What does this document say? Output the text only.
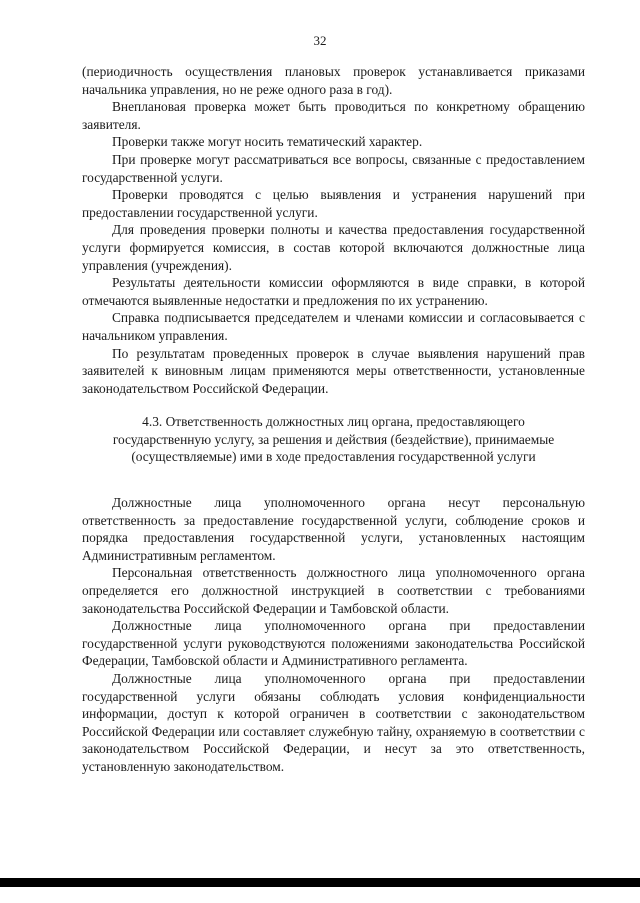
32

(периодичность осуществления плановых проверок устанавливается приказами начальника управления, но не реже одного раза в год).

Внеплановая проверка может быть проводиться по конкретному обращению заявителя.

Проверки также могут носить тематический характер.

При проверке могут рассматриваться все вопросы, связанные с предоставлением государственной услуги.

Проверки проводятся с целью выявления и устранения нарушений при предоставлении государственной услуги.

Для проведения проверки полноты и качества предоставления государственной услуги формируется комиссия, в состав которой включаются должностные лица управления (учреждения).

Результаты деятельности комиссии оформляются в виде справки, в которой отмечаются выявленные недостатки и предложения по их устранению.

Справка подписывается председателем и членами комиссии и согласовывается с начальником управления.

По результатам проведенных проверок в случае выявления нарушений прав заявителей к виновным лицам применяются меры ответственности, установленные законодательством Российской Федерации.

4.3. Ответственность должностных лиц органа, предоставляющего
государственную услугу, за решения и действия (бездействие), принимаемые
(осуществляемые) ими в ходе предоставления государственной услуги

Должностные лица уполномоченного органа несут персональную ответственность за предоставление государственной услуги, соблюдение сроков и порядка предоставления государственной услуги, установленных настоящим Административным регламентом.

Персональная ответственность должностного лица уполномоченного органа определяется его должностной инструкцией в соответствии с требованиями законодательства Российской Федерации и Тамбовской области.

Должностные лица уполномоченного органа при предоставлении государственной услуги руководствуются положениями законодательства Российской Федерации, Тамбовской области и Административного регламента.

Должностные лица уполномоченного органа при предоставлении государственной услуги обязаны соблюдать условия конфиденциальности информации, доступ к которой ограничен в соответствии с законодательством Российской Федерации или составляет служебную тайну, охраняемую в соответствии с законодательством Российской Федерации, и несут за это ответственность, установленную законодательством.
